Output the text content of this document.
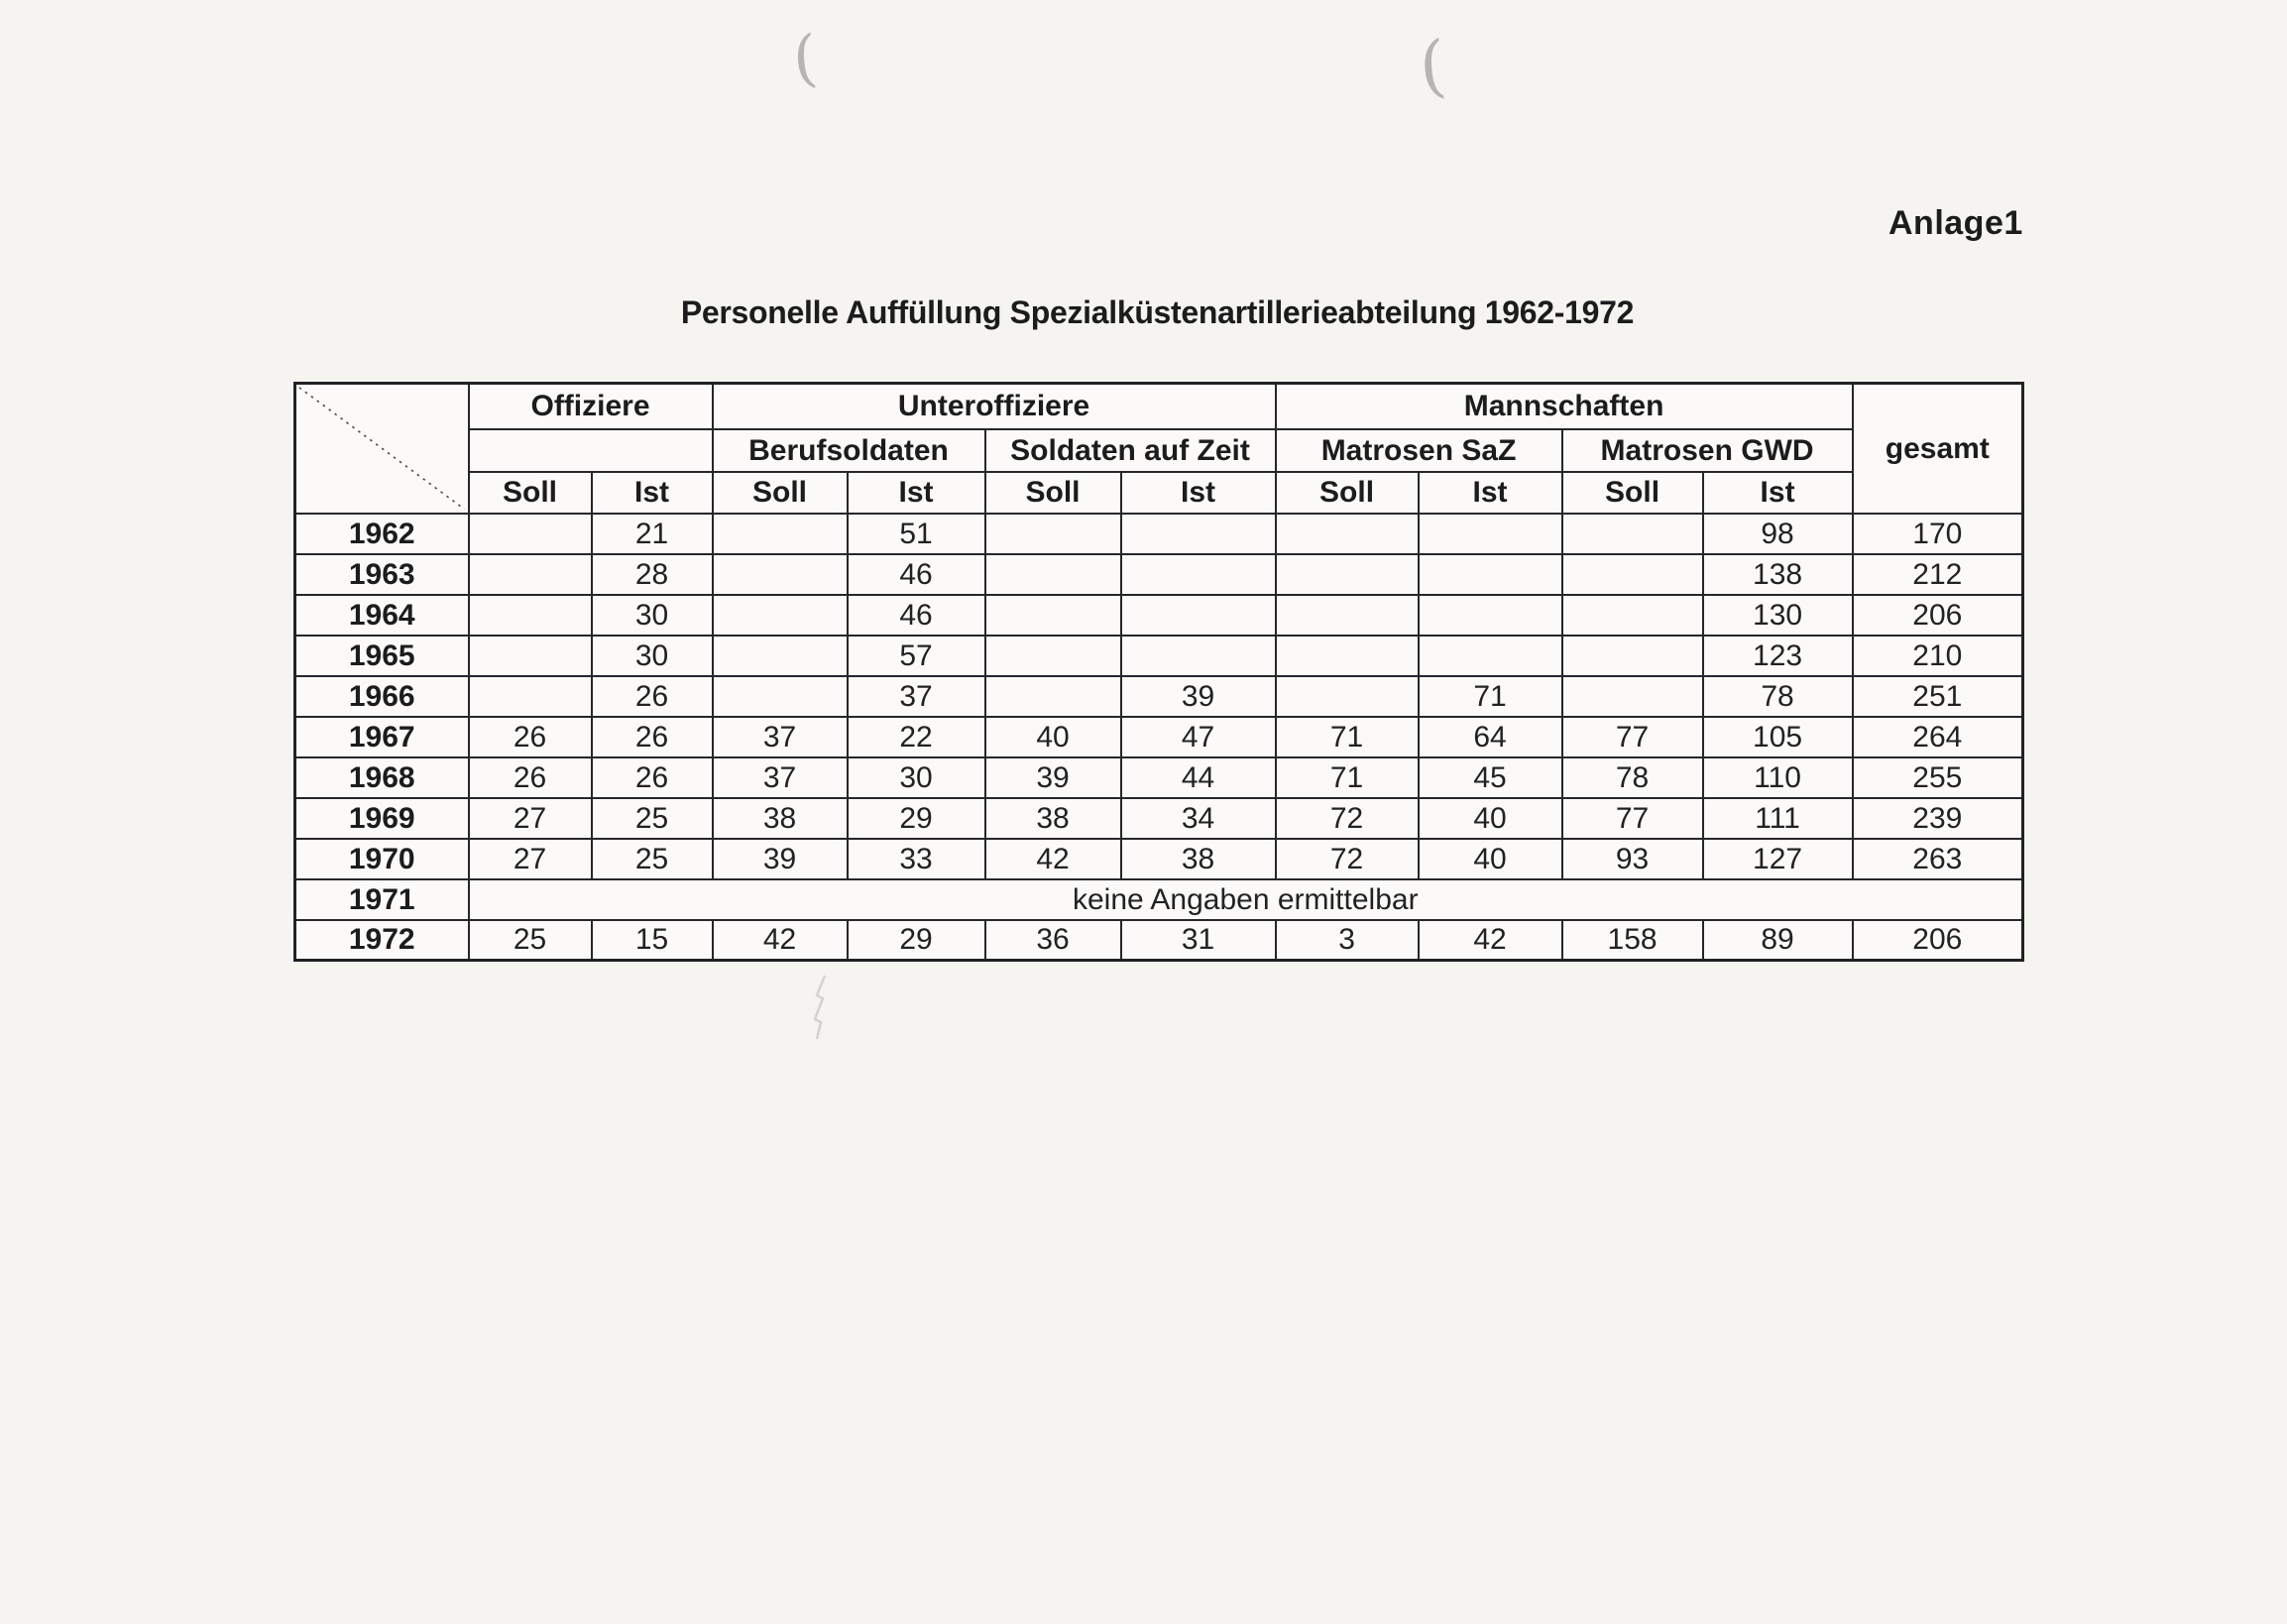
(	(
Anlage1
Personelle Auffüllung Spezialküstenartillerieabteilung 1962-1972
	Offiziere		Unteroffiziere				Mannschaften				gesamt
			Berufsoldaten		Soldaten auf Zeit		Matrosen SaZ		Matrosen GWD		
	Soll	Ist	Soll	Ist	Soll	Ist	Soll	Ist	Soll	Ist	
1962		21		51						98	170
1963		28		46						138	212
1964		30		46						130	206
1965		30		57						123	210
1966		26		37		39		71		78	251
1967	26	26	37	22	40	47	71	64	77	105	264
1968	26	26	37	30	39	44	71	45	78	110	255
1969	27	25	38	29	38	34	72	40	77	111	239
1970	27	25	39	33	42	38	72	40	93	127	263
1971	keine Angaben ermittelbar										
1972	25	15	42	29	36	31	3	42	158	89	206
